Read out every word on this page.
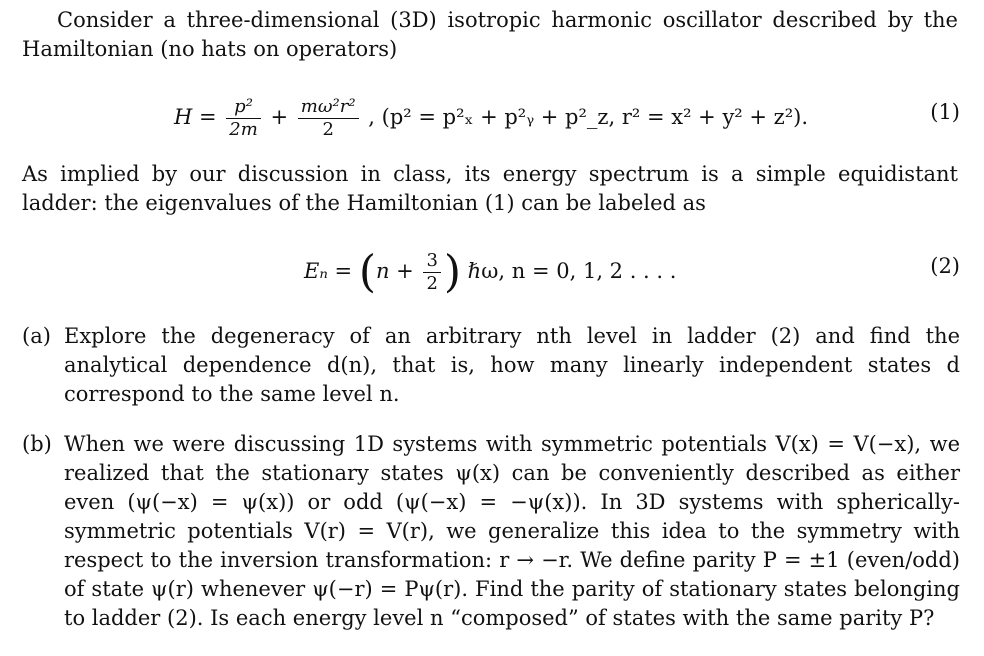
Consider a three-dimensional (3D) isotropic harmonic oscillator described by the Hamiltonian (no hats on operators)

$H = \frac{\text{p²}}{2m} + \frac{\text{mω²r²}}{2}$ , (p² = p²ₓ + p²ᵧ + p²_z, r² = x² + y² + z²).	(1)

As implied by our discussion in class, its energy spectrum is a simple equidistant ladder: the eigenvalues of the Hamiltonian (1) can be labeled as

$E_n = (n + \frac{3}{2}$ ) ℏω, n = 0, 1, 2 . . . .	(2)
(a) Explore the degeneracy of an arbitrary nth level in ladder (2) and find the analytical dependence d(n), that is, how many linearly independent states d correspond to the same level n.

(b) When we were discussing 1D systems with symmetric potentials V(x) = V(−x), we realized that the stationary states ψ(x) can be conveniently described as either even (ψ(−x) = ψ(x)) or odd (ψ(−x) = −ψ(x)). In 3D systems with spherically-symmetric potentials V(r) = V(r), we generalize this idea to the symmetry with respect to the inversion transformation: r → −r. We define parity P = ±1 (even/odd) of state ψ(r) whenever ψ(−r) = Pψ(r). Find the parity of stationary states belonging to ladder (2). Is each energy level n “composed” of states with the same parity P?
